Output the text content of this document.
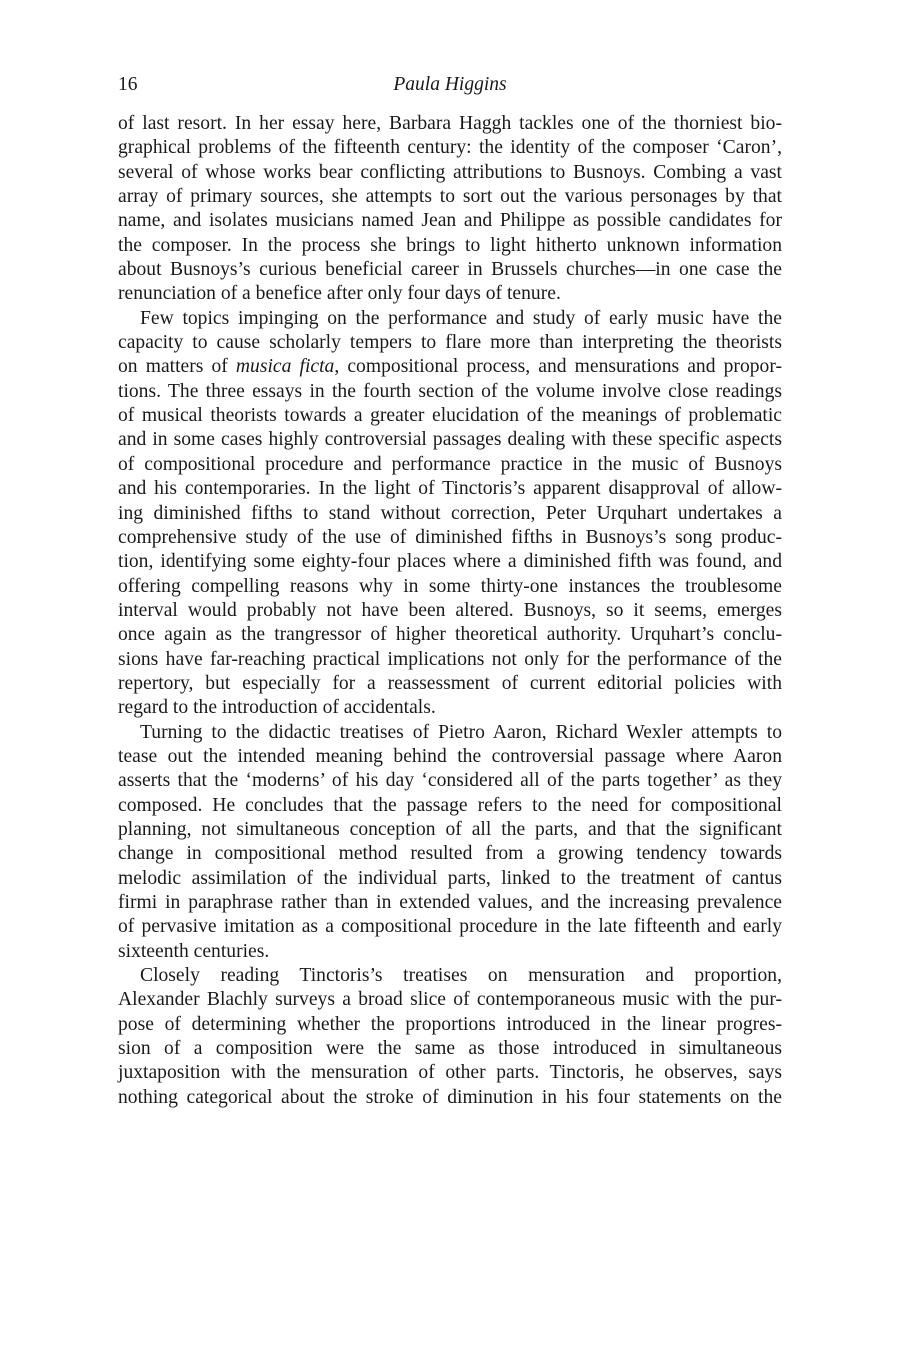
16	Paula Higgins
of last resort. In her essay here, Barbara Haggh tackles one of the thorniest bio-
graphical problems of the fifteenth century: the identity of the composer ‘Caron’,
several of whose works bear conflicting attributions to Busnoys. Combing a vast
array of primary sources, she attempts to sort out the various personages by that
name, and isolates musicians named Jean and Philippe as possible candidates for
the composer. In the process she brings to light hitherto unknown information
about Busnoys’s curious beneficial career in Brussels churches—in one case the
renunciation of a benefice after only four days of tenure.
Few topics impinging on the performance and study of early music have the
capacity to cause scholarly tempers to flare more than interpreting the theorists
on matters of musica ficta, compositional process, and mensurations and propor-
tions. The three essays in the fourth section of the volume involve close readings
of musical theorists towards a greater elucidation of the meanings of problematic
and in some cases highly controversial passages dealing with these specific aspects
of compositional procedure and performance practice in the music of Busnoys
and his contemporaries. In the light of Tinctoris’s apparent disapproval of allow-
ing diminished fifths to stand without correction, Peter Urquhart undertakes a
comprehensive study of the use of diminished fifths in Busnoys’s song produc-
tion, identifying some eighty-four places where a diminished fifth was found, and
offering compelling reasons why in some thirty-one instances the troublesome
interval would probably not have been altered. Busnoys, so it seems, emerges
once again as the trangressor of higher theoretical authority. Urquhart’s conclu-
sions have far-reaching practical implications not only for the performance of the
repertory, but especially for a reassessment of current editorial policies with
regard to the introduction of accidentals.
Turning to the didactic treatises of Pietro Aaron, Richard Wexler attempts to
tease out the intended meaning behind the controversial passage where Aaron
asserts that the ‘moderns’ of his day ‘considered all of the parts together’ as they
composed. He concludes that the passage refers to the need for compositional
planning, not simultaneous conception of all the parts, and that the significant
change in compositional method resulted from a growing tendency towards
melodic assimilation of the individual parts, linked to the treatment of cantus
firmi in paraphrase rather than in extended values, and the increasing prevalence
of pervasive imitation as a compositional procedure in the late fifteenth and early
sixteenth centuries.
Closely reading Tinctoris’s treatises on mensuration and proportion,
Alexander Blachly surveys a broad slice of contemporaneous music with the pur-
pose of determining whether the proportions introduced in the linear progres-
sion of a composition were the same as those introduced in simultaneous
juxtaposition with the mensuration of other parts. Tinctoris, he observes, says
nothing categorical about the stroke of diminution in his four statements on the
